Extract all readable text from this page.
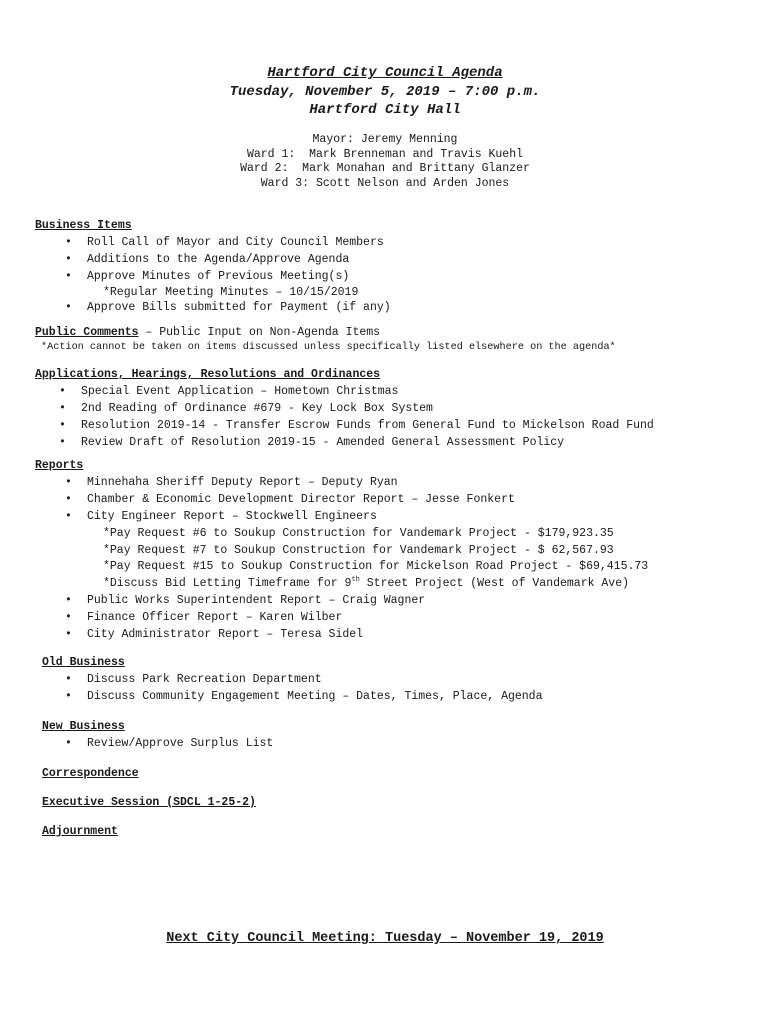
Hartford City Council Agenda
Tuesday, November 5, 2019 – 7:00 p.m.
Hartford City Hall
Mayor: Jeremy Menning
Ward 1:  Mark Brenneman and Travis Kuehl
Ward 2:  Mark Monahan and Brittany Glanzer
Ward 3: Scott Nelson and Arden Jones
Business Items
• Roll Call of Mayor and City Council Members
• Additions to the Agenda/Approve Agenda
• Approve Minutes of Previous Meeting(s)
*Regular Meeting Minutes – 10/15/2019
• Approve Bills submitted for Payment (if any)
Public Comments – Public Input on Non-Agenda Items
*Action cannot be taken on items discussed unless specifically listed elsewhere on the agenda*
Applications, Hearings, Resolutions and Ordinances
• Special Event Application – Hometown Christmas
• 2nd Reading of Ordinance #679 - Key Lock Box System
• Resolution 2019-14 - Transfer Escrow Funds from General Fund to Mickelson Road Fund
• Review Draft of Resolution 2019-15 - Amended General Assessment Policy
Reports
• Minnehaha Sheriff Deputy Report – Deputy Ryan
• Chamber & Economic Development Director Report – Jesse Fonkert
• City Engineer Report – Stockwell Engineers
*Pay Request #6 to Soukup Construction for Vandemark Project - $179,923.35
*Pay Request #7 to Soukup Construction for Vandemark Project - $ 62,567.93
*Pay Request #15 to Soukup Construction for Mickelson Road Project - $69,415.73
*Discuss Bid Letting Timeframe for 9th Street Project (West of Vandemark Ave)
• Public Works Superintendent Report – Craig Wagner
• Finance Officer Report – Karen Wilber
• City Administrator Report – Teresa Sidel
Old Business
• Discuss Park Recreation Department
• Discuss Community Engagement Meeting – Dates, Times, Place, Agenda
New Business
• Review/Approve Surplus List
Correspondence
Executive Session (SDCL 1-25-2)
Adjournment
Next City Council Meeting: Tuesday – November 19, 2019
